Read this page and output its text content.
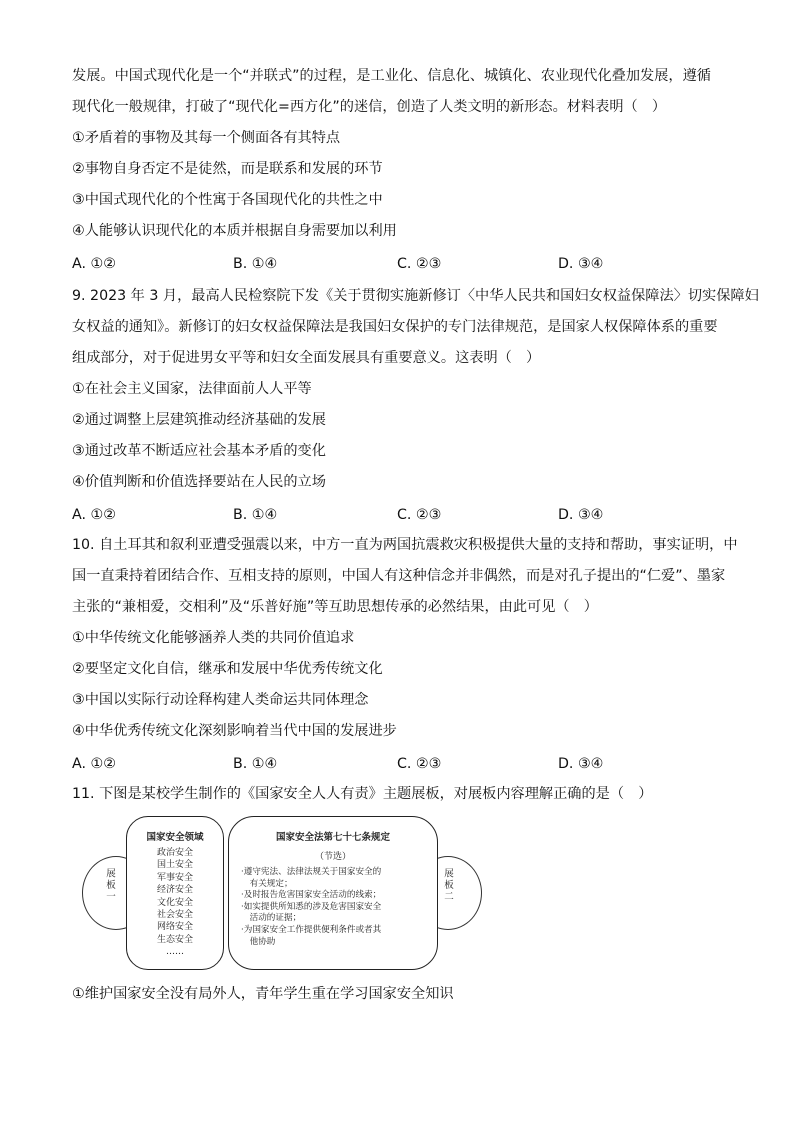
发展。中国式现代化是一个“并联式”的过程，是工业化、信息化、城镇化、农业现代化叠加发展，遵循
现代化一般规律，打破了“现代化=西方化”的迷信，创造了人类文明的新形态。材料表明（　）
①矛盾着的事物及其每一个侧面各有其特点
②事物自身否定不是徒然，而是联系和发展的环节
③中国式现代化的个性寓于各国现代化的共性之中
④人能够认识现代化的本质并根据自身需要加以利用
A. ①②	B. ①④	C. ②③	D. ③④
9. 2023 年 3 月，最高人民检察院下发《关于贯彻实施新修订〈中华人民共和国妇女权益保障法〉切实保障妇
女权益的通知》。新修订的妇女权益保障法是我国妇女保护的专门法律规范，是国家人权保障体系的重要
组成部分，对于促进男女平等和妇女全面发展具有重要意义。这表明（　）
①在社会主义国家，法律面前人人平等
②通过调整上层建筑推动经济基础的发展
③通过改革不断适应社会基本矛盾的变化
④价值判断和价值选择要站在人民的立场
A. ①②	B. ①④	C. ②③	D. ③④
10. 自土耳其和叙利亚遭受强震以来，中方一直为两国抗震救灾积极提供大量的支持和帮助，事实证明，中
国一直秉持着团结合作、互相支持的原则，中国人有这种信念并非偶然，而是对孔子提出的“仁爱”、墨家
主张的“兼相爱，交相利”及“乐普好施”等互助思想传承的必然结果，由此可见（　）
①中华传统文化能够涵养人类的共同价值追求
②要坚定文化自信，继承和发展中华优秀传统文化
③中国以实际行动诠释构建人类命运共同体理念
④中华优秀传统文化深刻影响着当代中国的发展进步
A. ①②	B. ①④	C. ②③	D. ③④
11. 下图是某校学生制作的《国家安全人人有责》主题展板，对展板内容理解正确的是（　）
展板一	展板二
国家安全领域
政治安全
国土安全
军事安全
经济安全
文化安全
社会安全
网络安全
生态安全
……
国家安全法第七十七条规定
（节选）
·遵守宪法、法律法规关于国家安全的
　有关规定；
·及时报告危害国家安全活动的线索；
·如实提供所知悉的涉及危害国家安全
　活动的证据；
·为国家安全工作提供便利条件或者其
　他协助
①维护国家安全没有局外人，青年学生重在学习国家安全知识
